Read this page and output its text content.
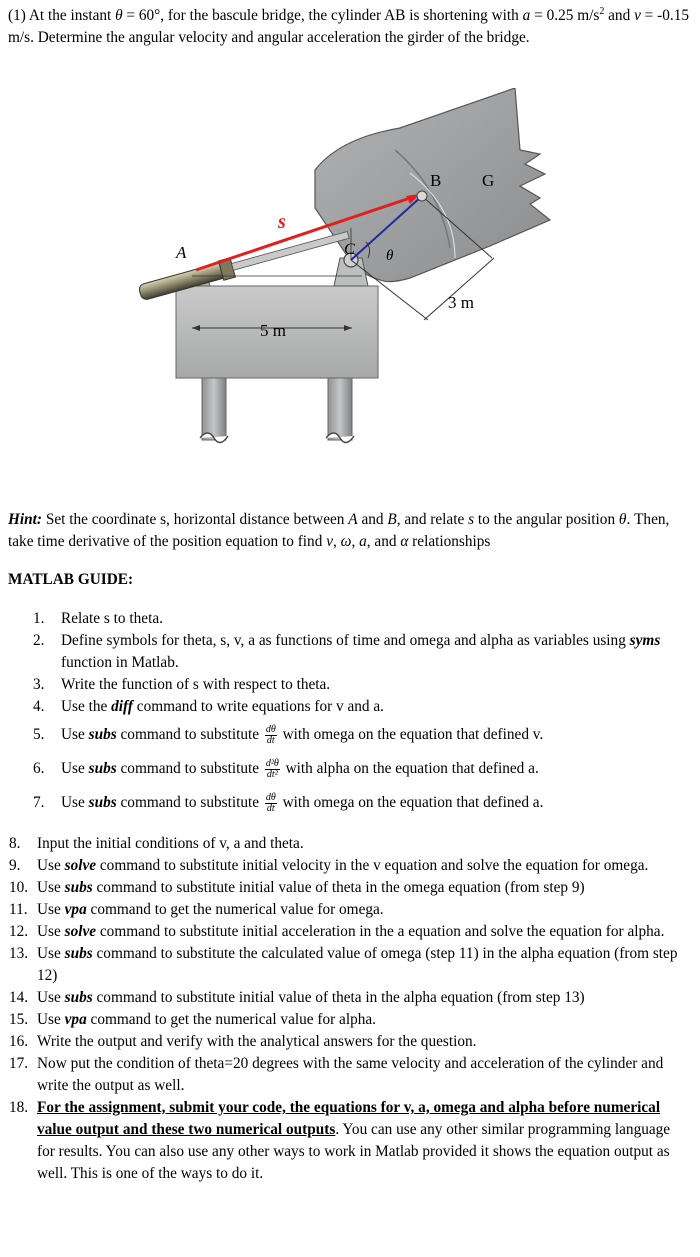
(1) At the instant θ = 60°, for the bascule bridge, the cylinder AB is shortening with a = 0.25 $m/s^2$ and v = -0.15 m/s. Determine the angular velocity and angular acceleration the girder of the bridge.
A
B G
C
s
θ
5 m
3 m
Hint: Set the coordinate s, horizontal distance between A and B, and relate s to the angular position θ. Then, take time derivative of the position equation to find v, ω, a, and α relationships
MATLAB GUIDE:
1. Relate s to theta.
2. Define symbols for theta, s, v, a as functions of time and omega and alpha as variables using syms function in Matlab.
3. Write the function of s with respect to theta.
4. Use the diff command to write equations for v and a.
5. Use subs command to substitute $\frac{d\theta}{dt}$ with omega on the equation that defined v.
6. Use subs command to substitute $\frac{\text{d²θ}}{\text{dt²}}$ with alpha on the equation that defined a.
7. Use subs command to substitute $\frac{d\theta}{dt}$ with omega on the equation that defined a.
8. Input the initial conditions of v, a and theta.
9. Use solve command to substitute initial velocity in the v equation and solve the equation for omega.
10. Use subs command to substitute initial value of theta in the omega equation (from step 9)
11. Use vpa command to get the numerical value for omega.
12. Use solve command to substitute initial acceleration in the a equation and solve the equation for alpha.
13. Use subs command to substitute the calculated value of omega (step 11) in the alpha equation (from step 12)
14. Use subs command to substitute initial value of theta in the alpha equation (from step 13)
15. Use vpa command to get the numerical value for alpha.
16. Write the output and verify with the analytical answers for the question.
17. Now put the condition of theta=20 degrees with the same velocity and acceleration of the cylinder and write the output as well.
18. For the assignment, submit your code, the equations for v, a, omega and alpha before numerical value output and these two numerical outputs. You can use any other similar programming language for results. You can also use any other ways to work in Matlab provided it shows the equation output as well. This is one of the ways to do it.
